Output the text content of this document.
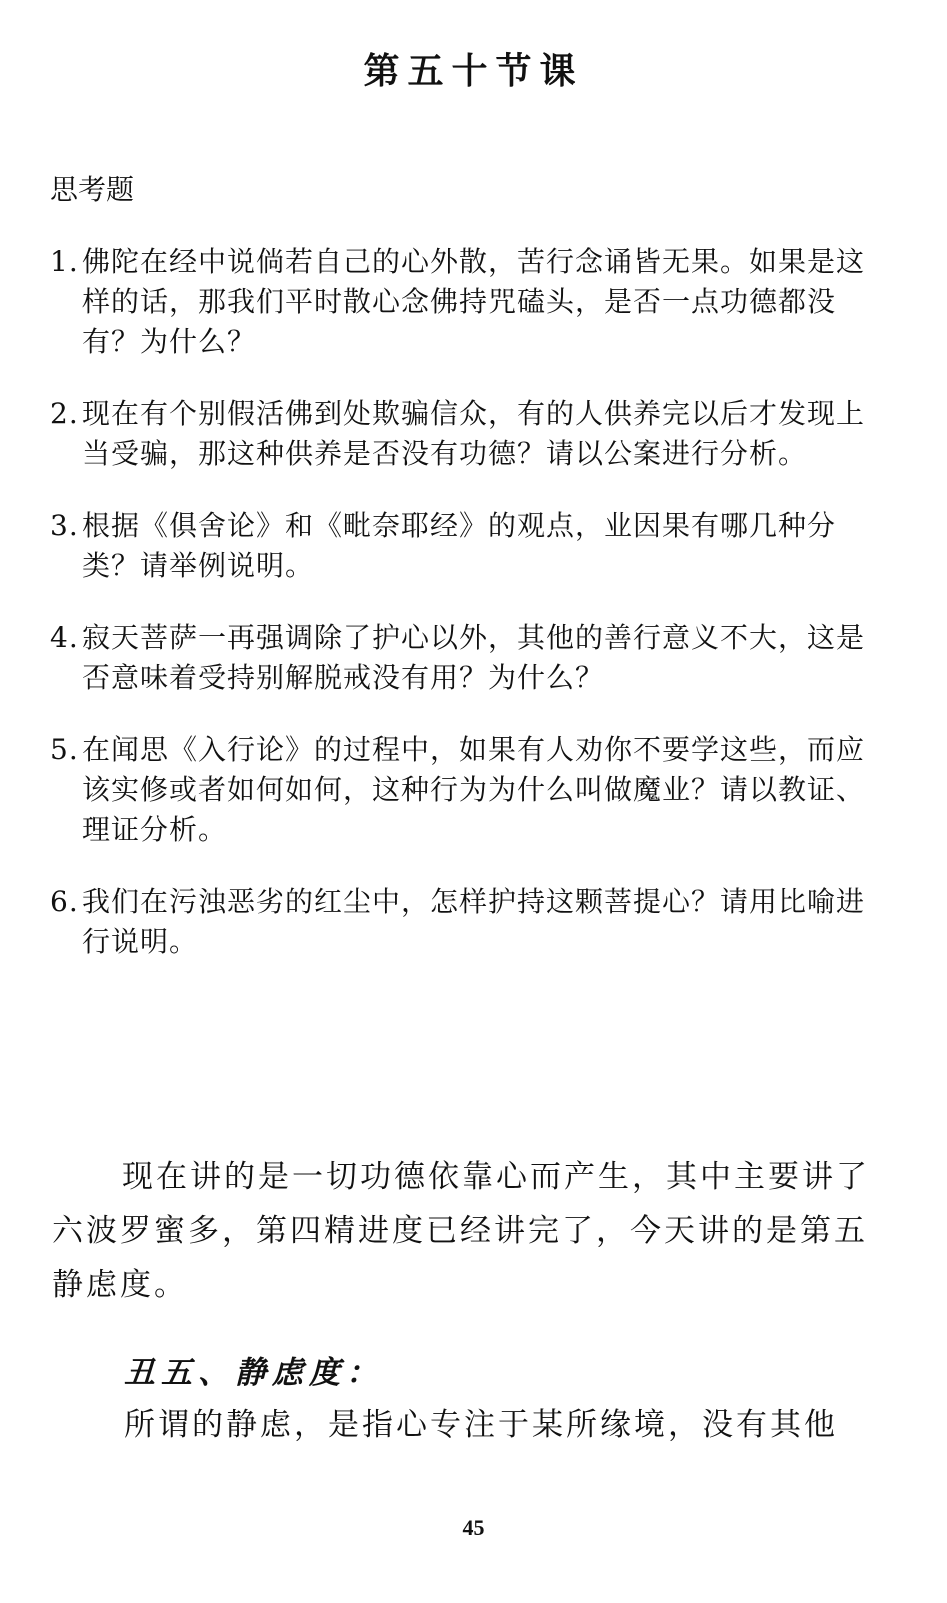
第五十节课
思考题
1. 佛陀在经中说倘若自己的心外散，苦行念诵皆无果。如果是这样的话，那我们平时散心念佛持咒磕头，是否一点功德都没有？为什么？
2. 现在有个别假活佛到处欺骗信众，有的人供养完以后才发现上当受骗，那这种供养是否没有功德？请以公案进行分析。
3. 根据《俱舍论》和《毗奈耶经》的观点，业因果有哪几种分类？请举例说明。
4. 寂天菩萨一再强调除了护心以外，其他的善行意义不大，这是否意味着受持别解脱戒没有用？为什么？
5. 在闻思《入行论》的过程中，如果有人劝你不要学这些，而应该实修或者如何如何，这种行为为什么叫做魔业？请以教证、理证分析。
6. 我们在污浊恶劣的红尘中，怎样护持这颗菩提心？请用比喻进行说明。

现在讲的是一切功德依靠心而产生，其中主要讲了六波罗蜜多，第四精进度已经讲完了，今天讲的是第五静虑度。

丑五、静虑度：

所谓的静虑，是指心专注于某所缘境，没有其他

45
